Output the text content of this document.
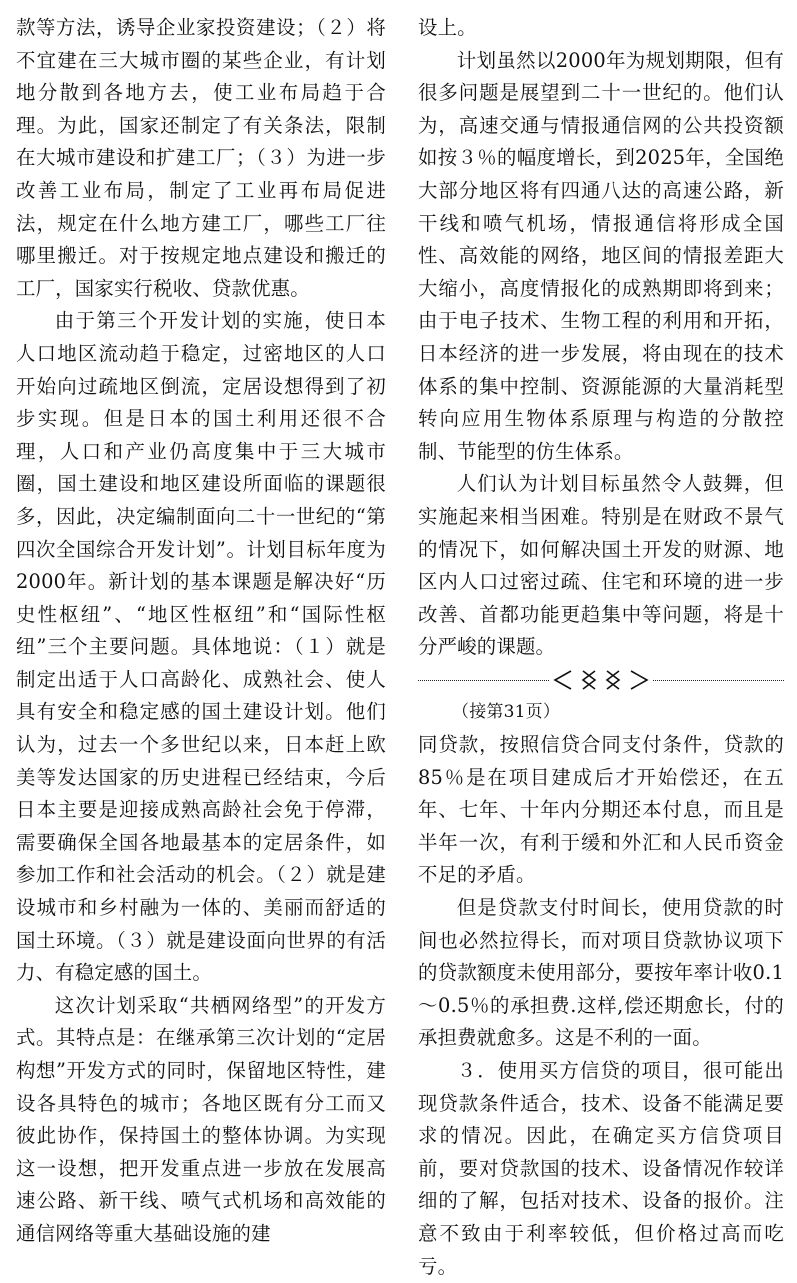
款等方法，诱导企业家投资建设；（２）将不宜建在三大城市圈的某些企业，有计划地分散到各地方去，使工业布局趋于合理。为此，国家还制定了有关条法，限制在大城市建设和扩建工厂；（３）为进一步改善工业布局，制定了工业再布局促进法，规定在什么地方建工厂，哪些工厂往哪里搬迁。对于按规定地点建设和搬迁的工厂，国家实行税收、贷款优惠。

由于第三个开发计划的实施，使日本人口地区流动趋于稳定，过密地区的人口开始向过疏地区倒流，定居设想得到了初步实现。但是日本的国土利用还很不合理，人口和产业仍高度集中于三大城市圈，国土建设和地区建设所面临的课题很多，因此，决定编制面向二十一世纪的“第四次全国综合开发计划”。计划目标年度为2000年。新计划的基本课题是解决好“历史性枢纽”、“地区性枢纽”和“国际性枢纽”三个主要问题。具体地说：（１）就是制定出适于人口高龄化、成熟社会、使人具有安全和稳定感的国土建设计划。他们认为，过去一个多世纪以来，日本赶上欧美等发达国家的历史进程已经结束，今后日本主要是迎接成熟高龄社会免于停滞，需要确保全国各地最基本的定居条件，如参加工作和社会活动的机会。（２）就是建设城市和乡村融为一体的、美丽而舒适的国土环境。（３）就是建设面向世界的有活力、有稳定感的国土。

这次计划采取“共栖网络型”的开发方式。其特点是：在继承第三次计划的“定居构想”开发方式的同时，保留地区特性，建设各具特色的城市；各地区既有分工而又彼此协作，保持国土的整体协调。为实现这一设想，把开发重点进一步放在发展高速公路、新干线、喷气式机场和高效能的通信网络等重大基础设施的建

设上。

计划虽然以2000年为规划期限，但有很多问题是展望到二十一世纪的。他们认为，高速交通与情报通信网的公共投资额如按３％的幅度增长，到2025年，全国绝大部分地区将有四通八达的高速公路，新干线和喷气机场，情报通信将形成全国性、高效能的网络，地区间的情报差距大大缩小，高度情报化的成熟期即将到来；由于电子技术、生物工程的利用和开拓，日本经济的进一步发展，将由现在的技术体系的集中控制、资源能源的大量消耗型转向应用生物体系原理与构造的分散控制、节能型的仿生体系。

人们认为计划目标虽然令人鼓舞，但实施起来相当困难。特别是在财政不景气的情况下，如何解决国土开发的财源、地区内人口过密过疏、住宅和环境的进一步改善、首都功能更趋集中等问题，将是十分严峻的课题。

（接第31页）

同贷款，按照信贷合同支付条件，贷款的85％是在项目建成后才开始偿还，在五年、七年、十年内分期还本付息，而且是半年一次，有利于缓和外汇和人民币资金不足的矛盾。

但是贷款支付时间长，使用贷款的时间也必然拉得长，而对项目贷款协议项下的贷款额度未使用部分，要按年率计收0.1～0.5％的承担费.这样,偿还期愈长，付的承担费就愈多。这是不利的一面。

３．使用买方信贷的项目，很可能出现贷款条件适合，技术、设备不能满足要求的情况。因此，在确定买方信贷项目前，要对贷款国的技术、设备情况作较详细的了解，包括对技术、设备的报价。注意不致由于利率较低，但价格过高而吃亏。
